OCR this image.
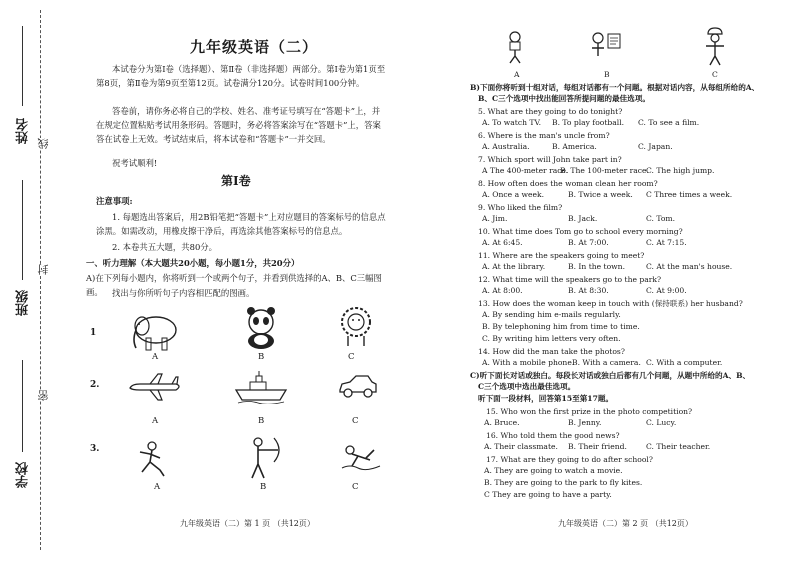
姓名
班级
学校
线
封
密
九年级英语（二）
本试卷分为第Ⅰ卷（选择题）、第Ⅱ卷（非选择题）两部分。第Ⅰ卷为第1页至第8页，第Ⅱ卷为第9页至第12页。试卷满分120分。试卷时间100分钟。
答卷前，请你务必将自己的学校、姓名、准考证号填写在“答题卡”上，并在规定位置粘贴考试用条形码。答题时，务必将答案涂写在“答题卡”上，答案答在试卷上无效。考试结束后，将本试卷和“答题卡”一并交回。
祝考试顺利!
第Ⅰ卷
注意事项:
1. 每题选出答案后，用2B铅笔把“答题卡”上对应题目的答案标号的信息点涂黑。如需改动，用橡皮擦干净后，再选涂其他答案标号的信息点。
2. 本卷共五大题，共80分。
一、听力理解（本大题共20小题，每小题1分，共20分）
A)在下列每小题内，你将听到一个或两个句子，并看到供选择的A、B、C三幅图画。	找出与你所听句子内容相匹配的图画。
1
A	B	C
2.
A	B	C
3.
A	B	C
九年级英语（二）第 1 页 （共12页）
A	B	C
B)下面你将听到十组对话，每组对话都有一个问题。根据对话内容，从每组所给的A、
B、C三个选项中找出能回答所提问题的最佳选项。
5. What are they going to do tonight?
A. To watch TV. B. To play football. C. To see a film.
6. Where is the man's uncle from?
A. Australia.	B. America.	C. Japan.
7. Which sport will John take part in?
A The 400-meter race.
B. The 100-meter race.
C. The high jump.
8. How often does the woman clean her room?
A. Once a week.	B. Twice a week. C Three times a week.
9. Who liked the film?
A. Jim.	B. Jack.	C. Tom.
10. What time does Tom go to school every morning?
A. At 6:45.	B. At 7:00.	C. At 7:15.
11. Where are the speakers going to meet?
A. At the library.	B. In the town.	C. At the man's house.
12. What time will the speakers go to the park?
A. At 8:00.	B. At 8:30.	C. At 9:00.
13. How does the woman keep in touch with (保持联系) her husband?
A. By sending him e-mails regularly.
B. By telephoning him from time to time.
C. By writing him letters very often.
14. How did the man take the photos?
A. With a mobile phone.
B. With a camera. C. With a computer.
C)听下面长对话或独白。每段长对话或独白后都有几个问题，从题中所给的A、B、
C三个选项中选出最佳选项。
听下面一段材料，回答第15至第17题。
15. Who won the first prize in the photo competition?
A. Bruce.	B. Jenny.	C. Lucy.
16. Who told them the good news?
A. Their classmate. B. Their friend.	C. Their teacher.
17. What are they going to do after school?
A. They are going to watch a movie.
B. They are going to the park to fly kites.
C They are going to have a party.
九年级英语（二）第 2 页 （共12页）
